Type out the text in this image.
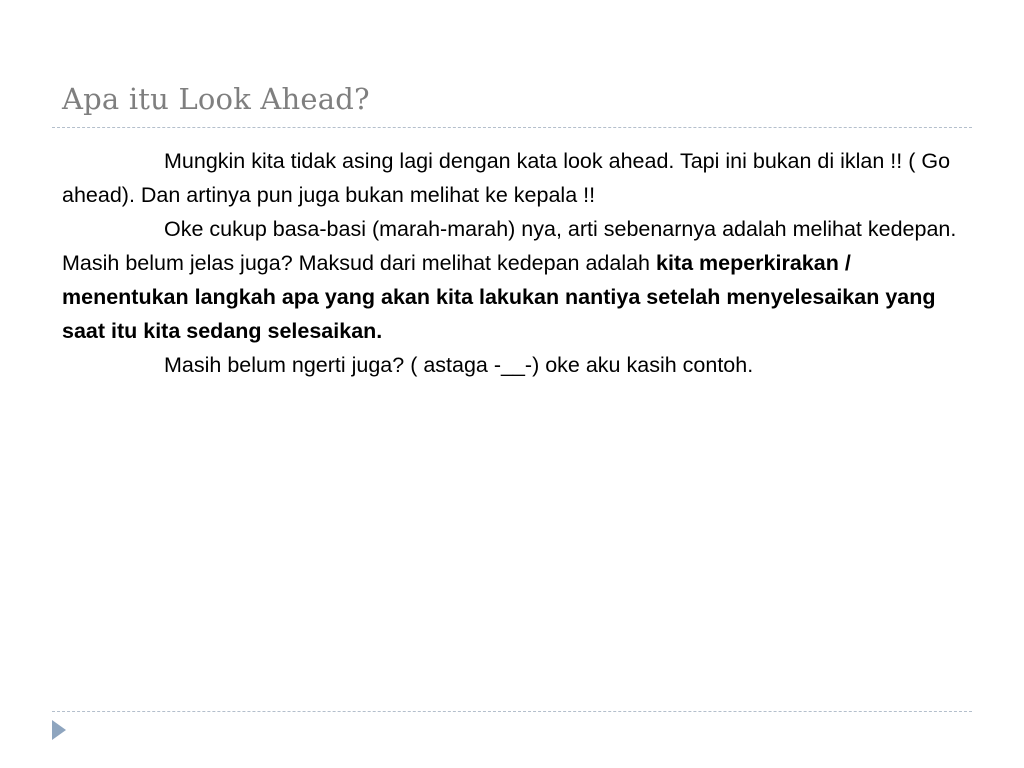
Apa itu Look Ahead?

Mungkin kita tidak asing lagi dengan kata look ahead. Tapi ini bukan di iklan !! ( Go ahead). Dan artinya pun juga bukan melihat ke kepala !!

Oke cukup basa-basi (marah-marah) nya, arti sebenarnya adalah melihat kedepan. Masih belum jelas juga? Maksud dari melihat kedepan adalah kita meperkirakan / menentukan langkah apa yang akan kita lakukan nantiya setelah menyelesaikan yang saat itu kita sedang selesaikan.

Masih belum ngerti juga? ( astaga -__-) oke aku kasih contoh.
